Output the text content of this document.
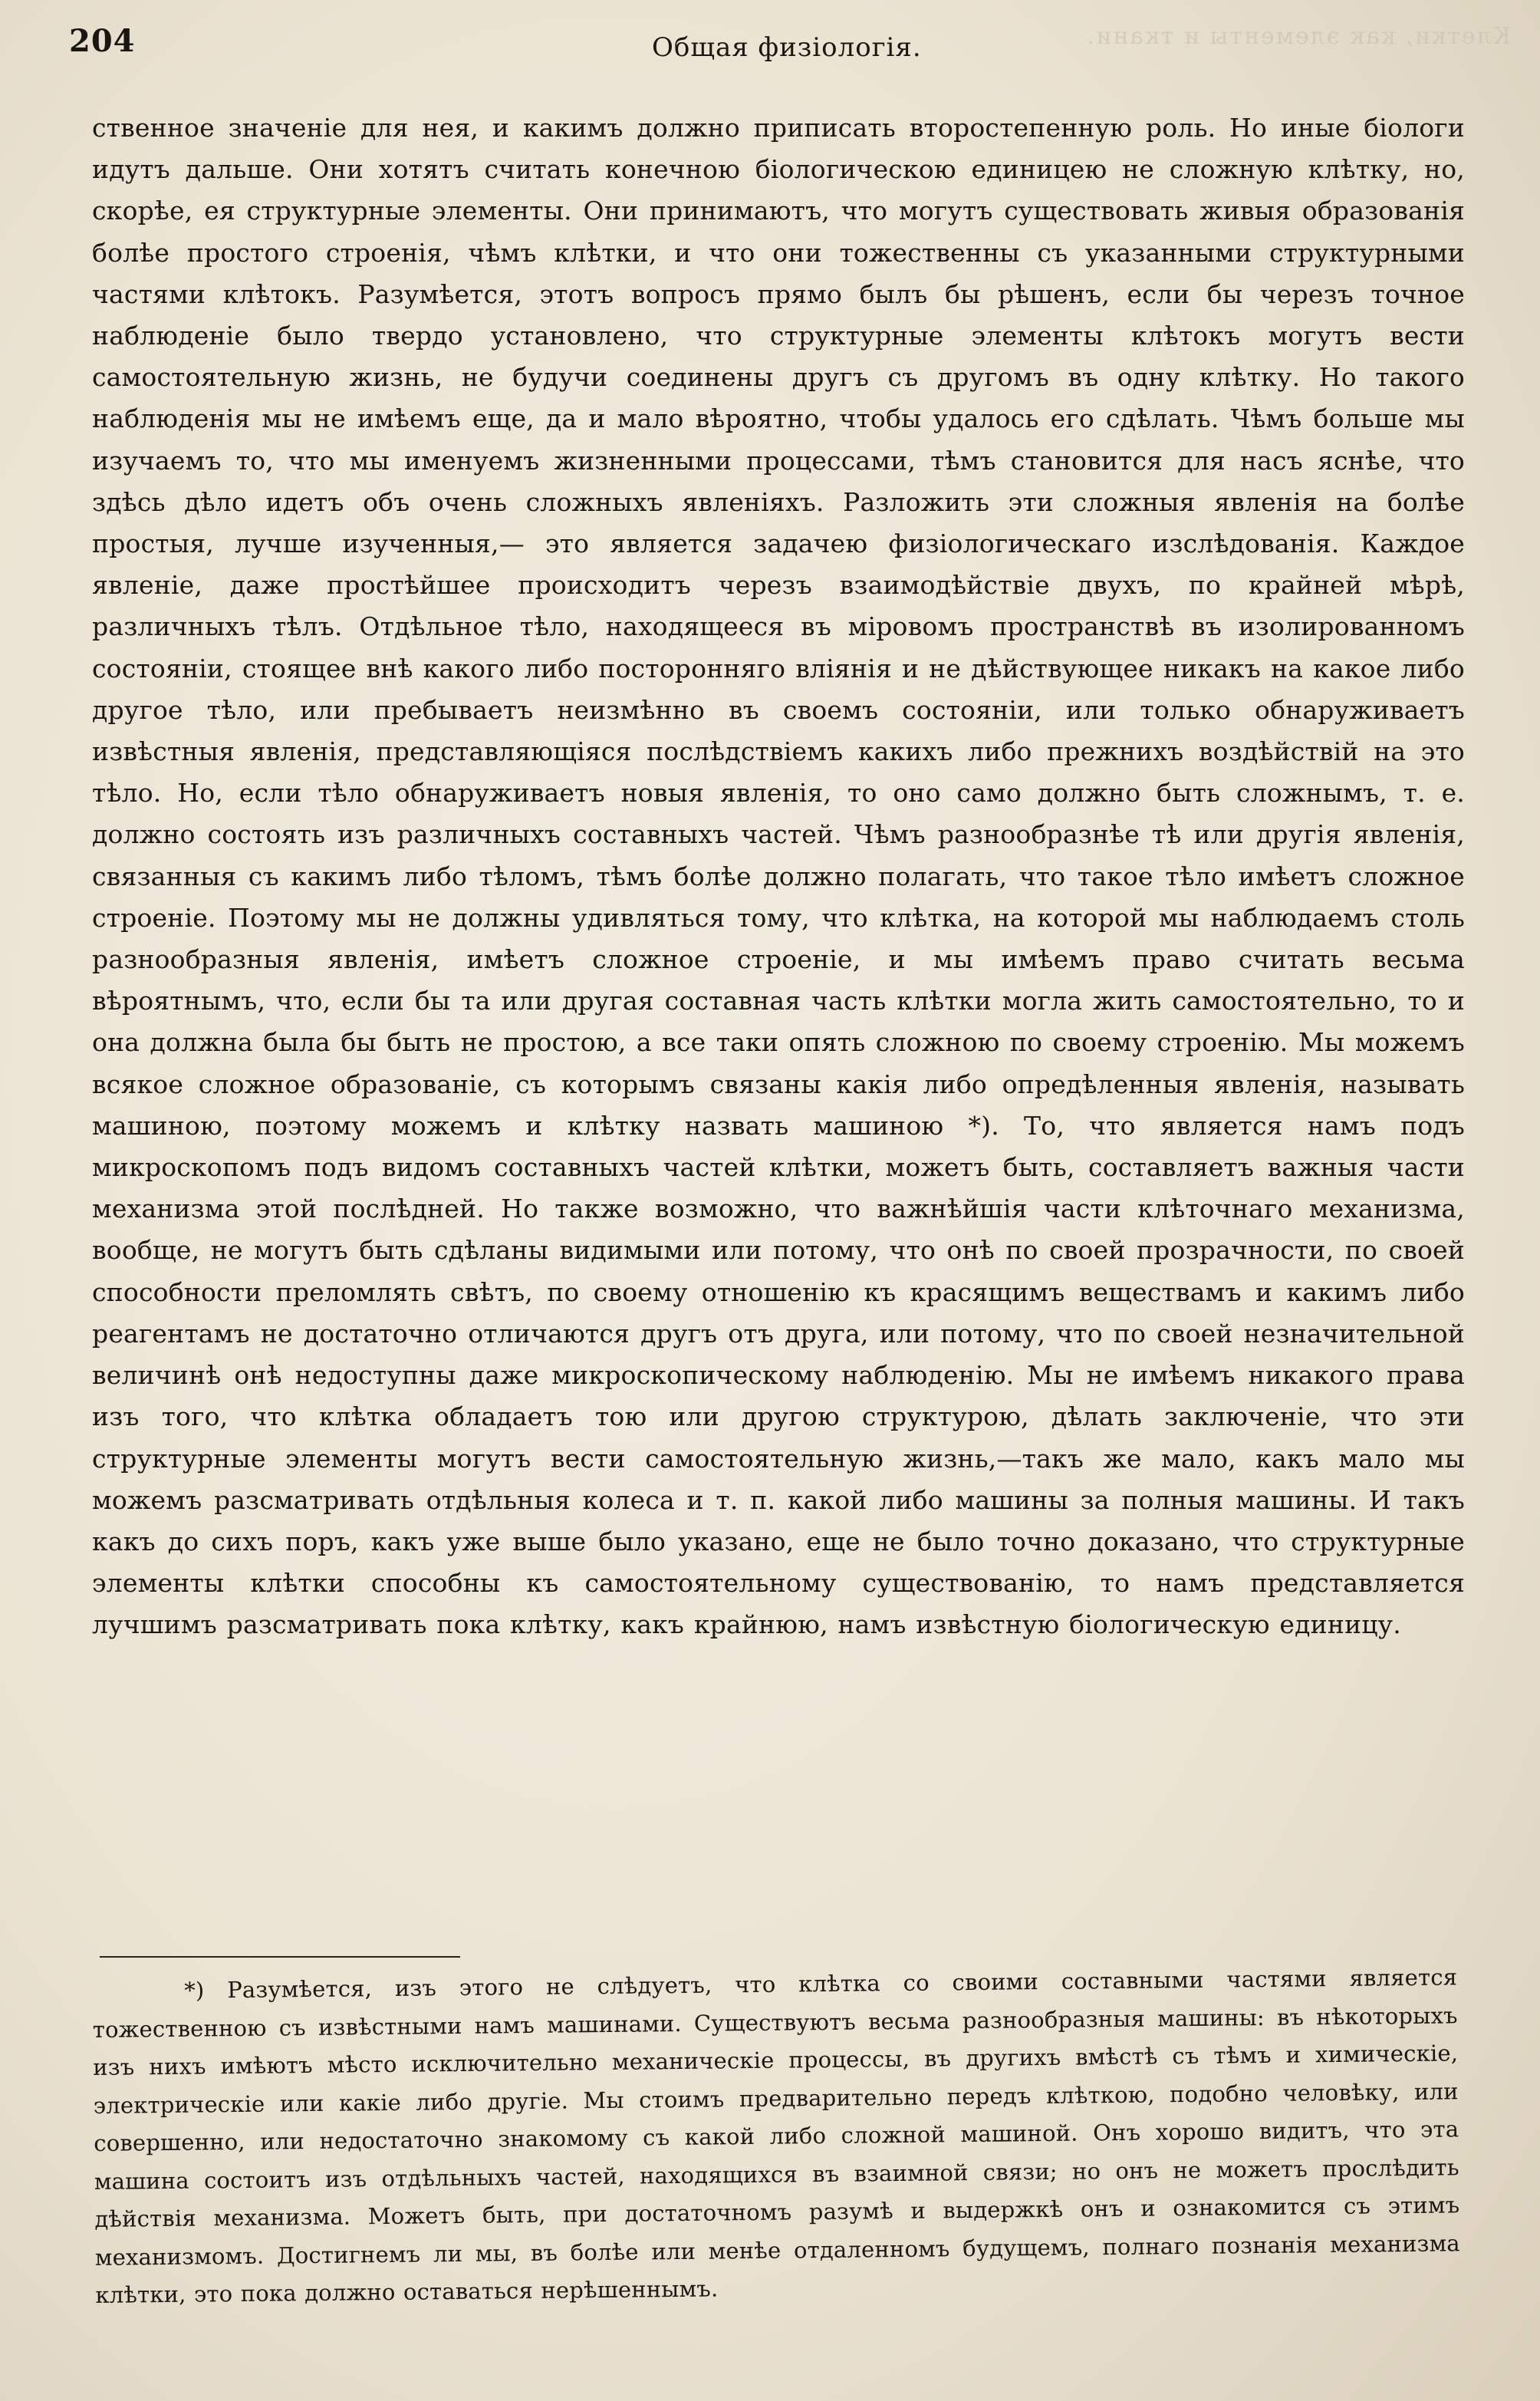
Клетки, как элементы и ткани.
204	Общая физіологія.

ственное значеніе для нея, и какимъ должно приписать второстепенную роль. Но иные біологи идутъ дальше. Они хотятъ считать конечною біологическою единицею не сложную клѣтку, но, скорѣе, ея структурные элементы. Они принимаютъ, что могутъ существовать живыя образованія болѣе простого строенія, чѣмъ клѣтки, и что они тожественны съ указанными структурными частями клѣтокъ. Разумѣется, этотъ вопросъ прямо былъ бы рѣшенъ, если бы черезъ точное наблюденіе было твердо установлено, что структурные элементы клѣтокъ могутъ вести самостоятельную жизнь, не будучи соединены другъ съ другомъ въ одну клѣтку. Но такого наблюденія мы не имѣемъ еще, да и мало вѣроятно, чтобы удалось его сдѣлать. Чѣмъ больше мы изучаемъ то, что мы именуемъ жизненными процессами, тѣмъ становится для насъ яснѣе, что здѣсь дѣло идетъ объ очень сложныхъ явленіяхъ. Разложить эти сложныя явленія на болѣе простыя, лучше изученныя,— это является задачею физіологическаго изслѣдованія. Каждое явленіе, даже простѣйшее происходитъ черезъ взаимодѣйствіе двухъ, по крайней мѣрѣ, различныхъ тѣлъ. Отдѣльное тѣло, находящееся въ міровомъ пространствѣ въ изолированномъ состояніи, стоящее внѣ какого либо посторонняго вліянія и не дѣйствующее никакъ на какое либо другое тѣло, или пребываетъ неизмѣнно въ своемъ состояніи, или только обнаруживаетъ извѣстныя явленія, представляющіяся послѣдствіемъ какихъ либо прежнихъ воздѣйствій на это тѣло. Но, если тѣло обнаруживаетъ новыя явленія, то оно само должно быть сложнымъ, т. е. должно состоять изъ различныхъ составныхъ частей. Чѣмъ разнообразнѣе тѣ или другія явленія, связанныя съ какимъ либо тѣломъ, тѣмъ болѣе должно полагать, что такое тѣло имѣетъ сложное строеніе. Поэтому мы не должны удивляться тому, что клѣтка, на которой мы наблюдаемъ столь разнообразныя явленія, имѣетъ сложное строеніе, и мы имѣемъ право считать весьма вѣроятнымъ, что, если бы та или другая составная часть клѣтки могла жить самостоятельно, то и она должна была бы быть не простою, а все таки опять сложною по своему строенію. Мы можемъ всякое сложное образованіе, съ которымъ связаны какія либо опредѣленныя явленія, называть машиною, поэтому можемъ и клѣтку назвать машиною *). То, что является намъ подъ микроскопомъ подъ видомъ составныхъ частей клѣтки, можетъ быть, составляетъ важныя части механизма этой послѣдней. Но также возможно, что важнѣйшія части клѣточнаго механизма, вообще, не могутъ быть сдѣланы видимыми или потому, что онѣ по своей прозрачности, по своей способности преломлять свѣтъ, по своему отношенію къ красящимъ веществамъ и какимъ либо реагентамъ не достаточно отличаются другъ отъ друга, или потому, что по своей незначительной величинѣ онѣ недоступны даже микроскопическому наблюденію. Мы не имѣемъ никакого права изъ того, что клѣтка обладаетъ тою или другою структурою, дѣлать заключеніе, что эти структурные элементы могутъ вести самостоятельную жизнь,—такъ же мало, какъ мало мы можемъ разсматривать отдѣльныя колеса и т. п. какой либо машины за полныя машины. И такъ какъ до сихъ поръ, какъ уже выше было указано, еще не было точно доказано, что структурные элементы клѣтки способны къ самостоятельному существованію, то намъ представляется лучшимъ разсматривать пока клѣтку, какъ крайнюю, намъ извѣстную біологическую единицу.

*) Разумѣется, изъ этого не слѣдуетъ, что клѣтка со своими составными частями является тожественною съ извѣстными намъ машинами. Существуютъ весьма разнообразныя машины: въ нѣкоторыхъ изъ нихъ имѣютъ мѣсто исключительно механическіе процессы, въ другихъ вмѣстѣ съ тѣмъ и химическіе, электрическіе или какіе либо другіе. Мы стоимъ предварительно передъ клѣткою, подобно человѣку, или совершенно, или недостаточно знакомому съ какой либо сложной машиной. Онъ хорошо видитъ, что эта машина состоитъ изъ отдѣльныхъ частей, находящихся въ взаимной связи; но онъ не можетъ прослѣдить дѣйствія механизма. Можетъ быть, при достаточномъ разумѣ и выдержкѣ онъ и ознакомится съ этимъ механизмомъ. Достигнемъ ли мы, въ болѣе или менѣе отдаленномъ будущемъ, полнаго познанія механизма клѣтки, это пока должно оставаться нерѣшеннымъ.
